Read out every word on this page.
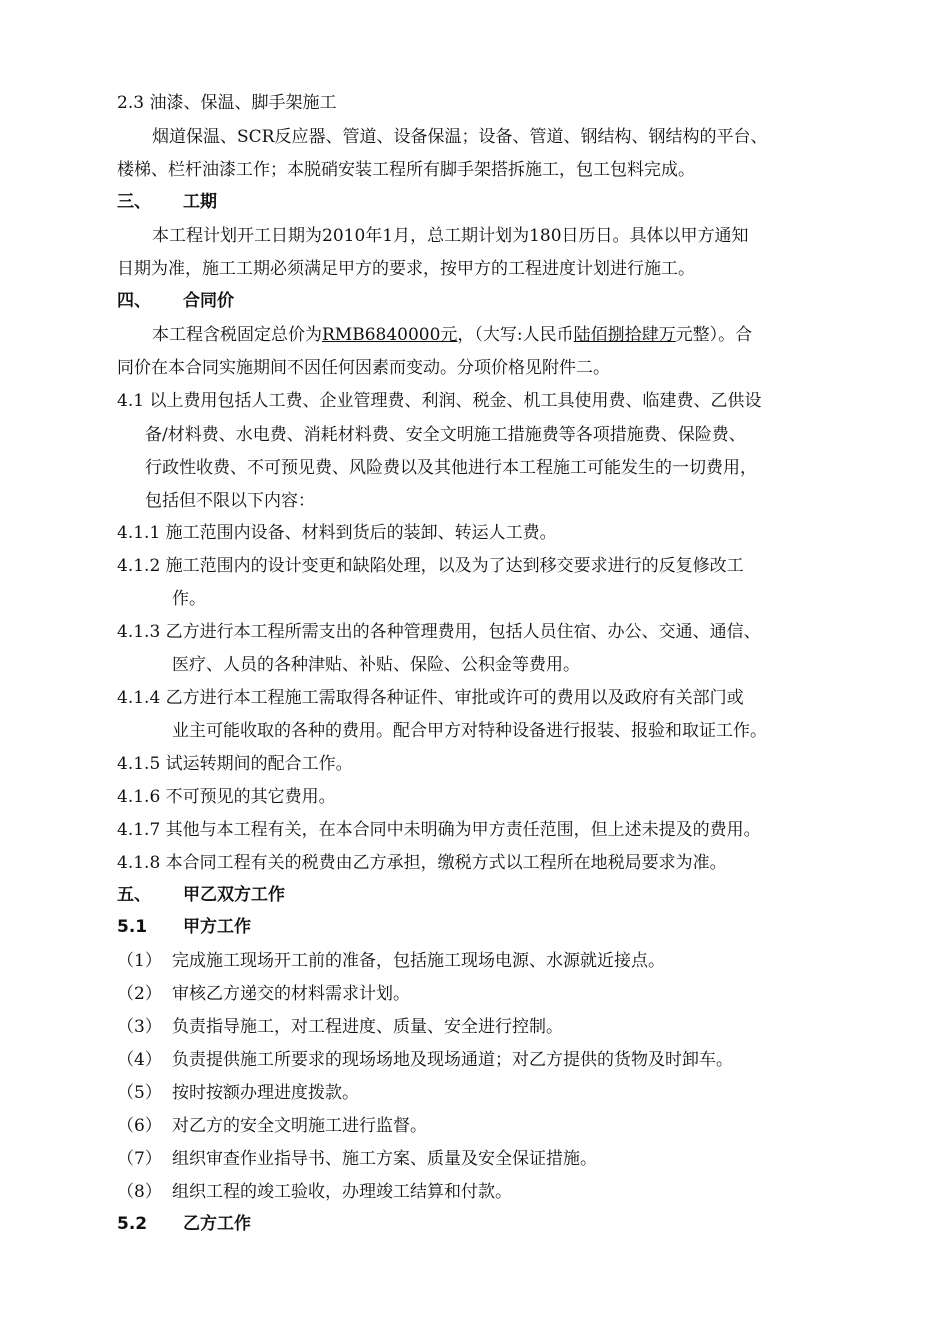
2.3 油漆、保温、脚手架施工
烟道保温、SCR反应器、管道、设备保温；设备、管道、钢结构、钢结构的平台、
楼梯、栏杆油漆工作；本脱硝安装工程所有脚手架搭拆施工，包工包料完成。
三、 工期
本工程计划开工日期为2010年1月，总工期计划为180日历日。具体以甲方通知
日期为准，施工工期必须满足甲方的要求，按甲方的工程进度计划进行施工。
四、 合同价
本工程含税固定总价为RMB6840000元，（大写:人民币陆佰捌拾肆万元整）。合
同价在本合同实施期间不因任何因素而变动。分项价格见附件二。
4.1 以上费用包括人工费、企业管理费、利润、税金、机工具使用费、临建费、乙供设
备/材料费、水电费、消耗材料费、安全文明施工措施费等各项措施费、保险费、
行政性收费、不可预见费、风险费以及其他进行本工程施工可能发生的一切费用，
包括但不限以下内容：
4.1.1 施工范围内设备、材料到货后的装卸、转运人工费。
4.1.2 施工范围内的设计变更和缺陷处理，以及为了达到移交要求进行的反复修改工
作。
4.1.3 乙方进行本工程所需支出的各种管理费用，包括人员住宿、办公、交通、通信、
医疗、人员的各种津贴、补贴、保险、公积金等费用。
4.1.4 乙方进行本工程施工需取得各种证件、审批或许可的费用以及政府有关部门或
业主可能收取的各种的费用。配合甲方对特种设备进行报装、报验和取证工作。
4.1.5 试运转期间的配合工作。
4.1.6 不可预见的其它费用。
4.1.7 其他与本工程有关，在本合同中未明确为甲方责任范围，但上述未提及的费用。
4.1.8 本合同工程有关的税费由乙方承担，缴税方式以工程所在地税局要求为准。
五、 甲乙双方工作
5.1 甲方工作
（1） 完成施工现场开工前的准备，包括施工现场电源、水源就近接点。
（2） 审核乙方递交的材料需求计划。
（3） 负责指导施工，对工程进度、质量、安全进行控制。
（4） 负责提供施工所要求的现场场地及现场通道；对乙方提供的货物及时卸车。
（5） 按时按额办理进度拨款。
（6） 对乙方的安全文明施工进行监督。
（7） 组织审查作业指导书、施工方案、质量及安全保证措施。
（8） 组织工程的竣工验收，办理竣工结算和付款。
5.2 乙方工作
